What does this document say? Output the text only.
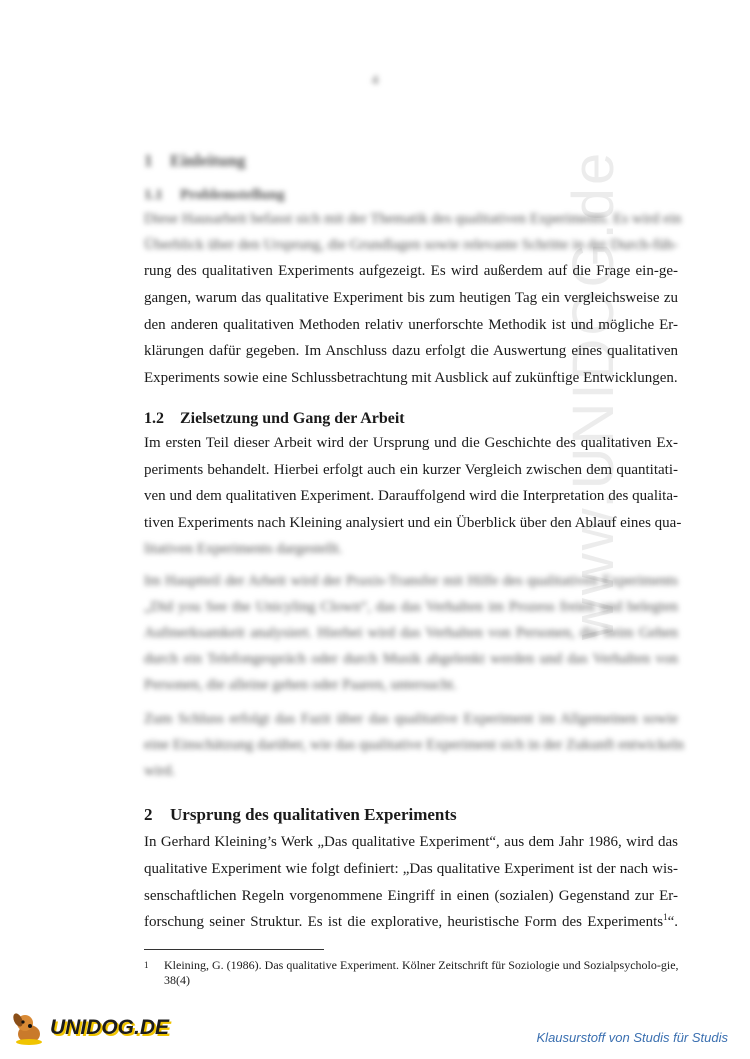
4
www.UNIDOG.de
1 Einleitung
1.1 Problemstellung
Diese Hausarbeit befasst sich mit der Thematik des qualitativen Experiments. Es wird ein
Überblick über den Ursprung, die Grundlagen sowie relevante Schritte in der Durch-füh-
rung des qualitativen Experiments aufgezeigt. Es wird außerdem auf die Frage ein-ge-
gangen, warum das qualitative Experiment bis zum heutigen Tag ein vergleichsweise zu
den anderen qualitativen Methoden relativ unerforschte Methodik ist und mögliche Er-
klärungen dafür gegeben. Im Anschluss dazu erfolgt die Auswertung eines qualitativen
Experiments sowie eine Schlussbetrachtung mit Ausblick auf zukünftige Entwicklungen.
1.2 Zielsetzung und Gang der Arbeit
Im ersten Teil dieser Arbeit wird der Ursprung und die Geschichte des qualitativen Ex-
periments behandelt. Hierbei erfolgt auch ein kurzer Vergleich zwischen dem quantitati-
ven und dem qualitativen Experiment. Darauffolgend wird die Interpretation des qualita-
tiven Experiments nach Kleining analysiert und ein Überblick über den Ablauf eines qua-
litativen Experiments dargestellt.
Im Hauptteil der Arbeit wird der Praxis-Transfer mit Hilfe des qualitativen Experiments
„Did you See the Unicyling Clown“, das das Verhalten im Prozess freien und belegten
Aufmerksamkeit analysiert. Hierbei wird das Verhalten von Personen, die beim Gehen
durch ein Telefongespräch oder durch Musik abgelenkt werden und das Verhalten von
Personen, die alleine gehen oder Paaren, untersucht.
Zum Schluss erfolgt das Fazit über das qualitative Experiment im Allgemeinen sowie
eine Einschätzung darüber, wie das qualitative Experiment sich in der Zukunft entwickeln
wird.
2 Ursprung des qualitativen Experiments
In Gerhard Kleining’s Werk „Das qualitative Experiment“, aus dem Jahr 1986, wird das
qualitative Experiment wie folgt definiert: „Das qualitative Experiment ist der nach wis-
senschaftlichen Regeln vorgenommene Eingriff in einen (sozialen) Gegenstand zur Er-
forschung seiner Struktur. Es ist die explorative, heuristische Form des Experiments$^1$“.
1 Kleining, G. (1986). Das qualitative Experiment. Kölner Zeitschrift für Soziologie und Sozialpsycholo-gie, 38(4)
UNIDOG.DE	Klausurstoff von Studis für Studis
